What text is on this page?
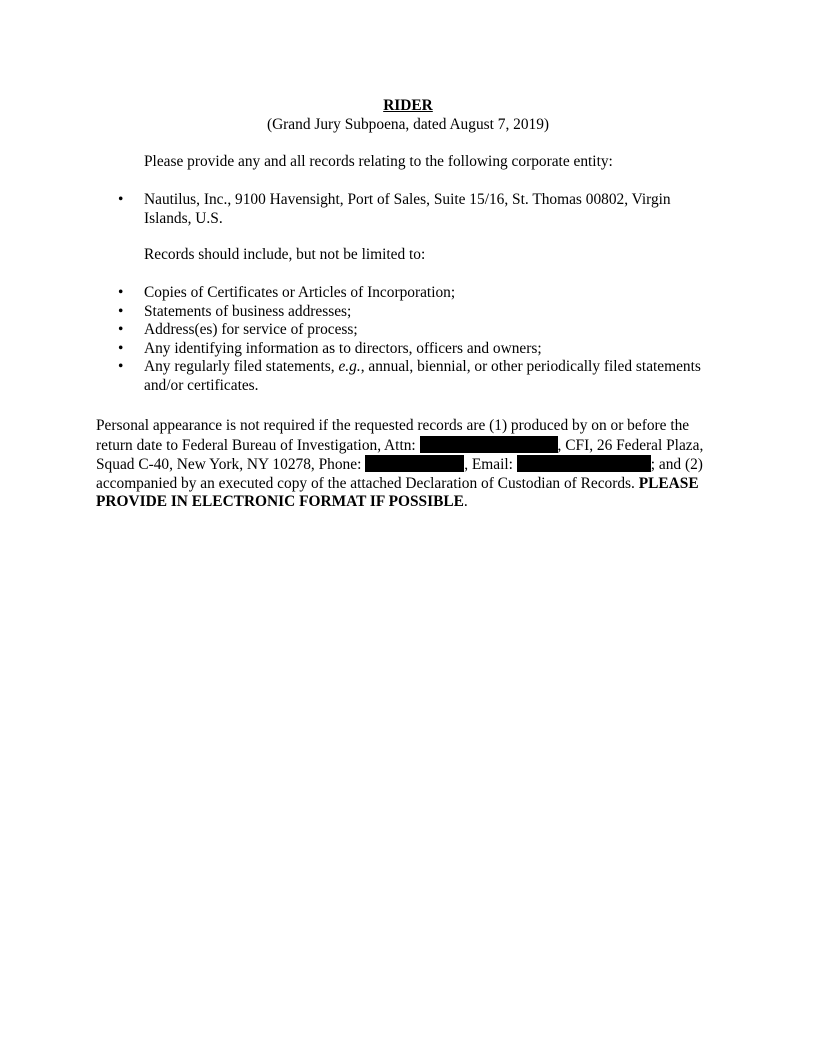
RIDER
(Grand Jury Subpoena, dated August 7, 2019)
Please provide any and all records relating to the following corporate entity:
•	Nautilus, Inc., 9100 Havensight, Port of Sales, Suite 15/16, St. Thomas 00802, Virgin Islands, U.S.
Records should include, but not be limited to:
•	Copies of Certificates or Articles of Incorporation;
•	Statements of business addresses;
•	Address(es) for service of process;
•	Any identifying information as to directors, officers and owners;
•	Any regularly filed statements, e.g., annual, biennial, or other periodically filed statements and/or certificates.
Personal appearance is not required if the requested records are (1) produced by on or before the return date to Federal Bureau of Investigation, Attn:	, CFI, 26 Federal Plaza, Squad C-40, New York, NY 10278, Phone:	, Email:	; and (2) accompanied by an executed copy of the attached Declaration of Custodian of Records. PLEASE PROVIDE IN ELECTRONIC FORMAT IF POSSIBLE.
